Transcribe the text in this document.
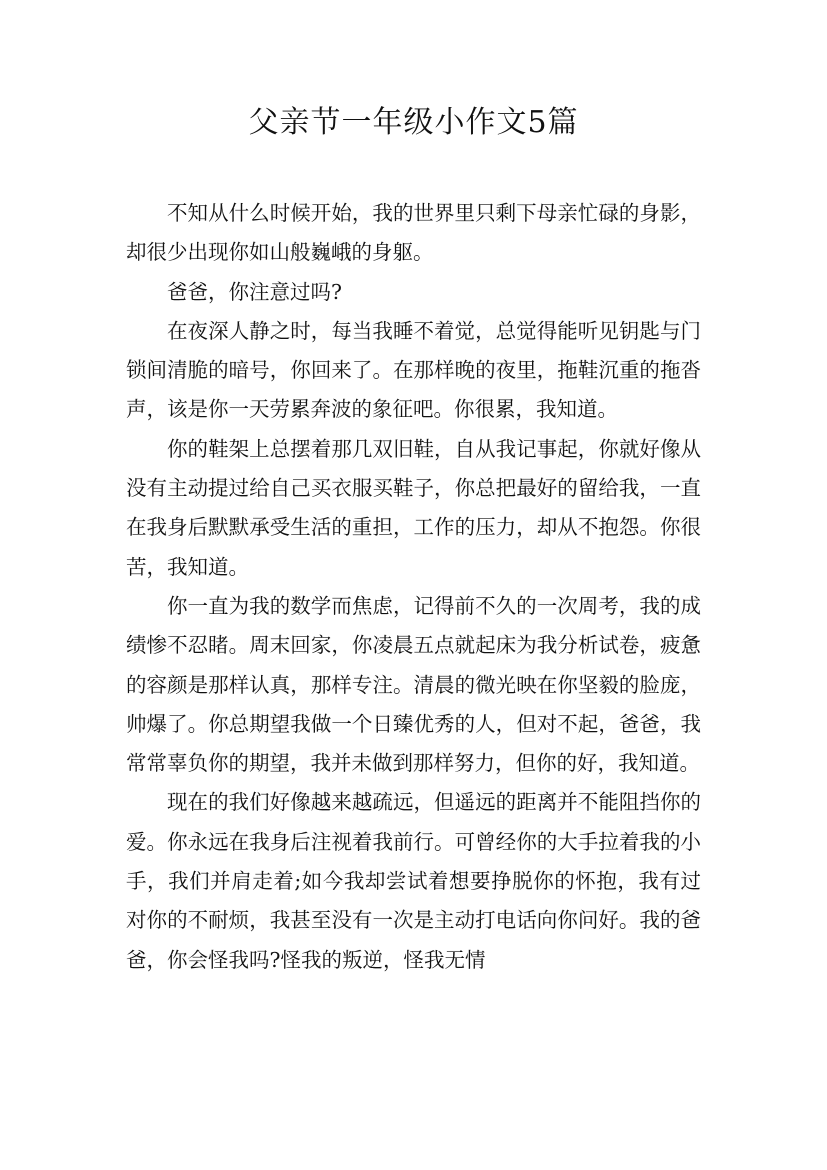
父亲节一年级小作文5篇

不知从什么时候开始，我的世界里只剩下母亲忙碌的身影，却很少出现你如山般巍峨的身躯。

爸爸，你注意过吗?

在夜深人静之时，每当我睡不着觉，总觉得能听见钥匙与门锁间清脆的暗号，你回来了。在那样晚的夜里，拖鞋沉重的拖沓声，该是你一天劳累奔波的象征吧。你很累，我知道。

你的鞋架上总摆着那几双旧鞋，自从我记事起，你就好像从没有主动提过给自己买衣服买鞋子，你总把最好的留给我，一直在我身后默默承受生活的重担，工作的压力，却从不抱怨。你很苦，我知道。

你一直为我的数学而焦虑，记得前不久的一次周考，我的成绩惨不忍睹。周末回家，你凌晨五点就起床为我分析试卷，疲惫的容颜是那样认真，那样专注。清晨的微光映在你坚毅的脸庞，帅爆了。你总期望我做一个日臻优秀的人，但对不起，爸爸，我常常辜负你的期望，我并未做到那样努力，但你的好，我知道。

现在的我们好像越来越疏远，但遥远的距离并不能阻挡你的爱。你永远在我身后注视着我前行。可曾经你的大手拉着我的小手，我们并肩走着;如今我却尝试着想要挣脱你的怀抱，我有过对你的不耐烦，我甚至没有一次是主动打电话向你问好。我的爸爸，你会怪我吗?怪我的叛逆，怪我无情
